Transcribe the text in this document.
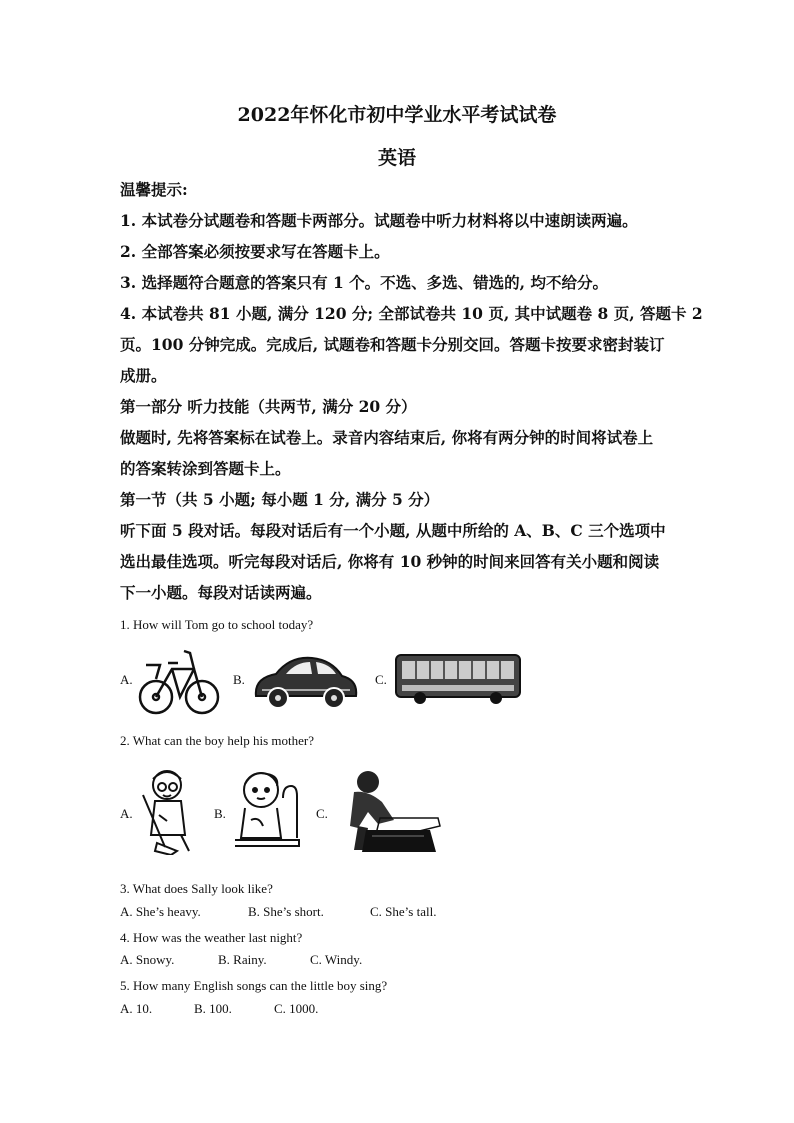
2022年怀化市初中学业水平考试试卷
英语
温馨提示:
1. 本试卷分试题卷和答题卡两部分。试题卷中听力材料将以中速朗读两遍。
2. 全部答案必须按要求写在答题卡上。
3. 选择题符合题意的答案只有 1 个。不选、多选、错选的, 均不给分。
4. 本试卷共 81 小题, 满分 120 分; 全部试卷共 10 页, 其中试题卷 8 页, 答题卡 2
页。100 分钟完成。完成后, 试题卷和答题卡分别交回。答题卡按要求密封装订
成册。
第一部分 听力技能（共两节, 满分 20 分）
做题时, 先将答案标在试卷上。录音内容结束后, 你将有两分钟的时间将试卷上
的答案转涂到答题卡上。
第一节（共 5 小题; 每小题 1 分, 满分 5 分）
听下面 5 段对话。每段对话后有一个小题, 从题中所给的 A、B、C 三个选项中
选出最佳选项。听完每段对话后, 你将有 10 秒钟的时间来回答有关小题和阅读
下一小题。每段对话读两遍。
1. How will Tom go to school today?
A.	B.	C.
2. What can the boy help his mother?
A.	B.	C.
3. What does Sally look like?
A. She’s heavy.	B. She’s short.	C. She’s tall.
4. How was the weather last night?
A. Snowy.	B. Rainy.	C. Windy.
5. How many English songs can the little boy sing?
A. 10.	B. 100.	C. 1000.
